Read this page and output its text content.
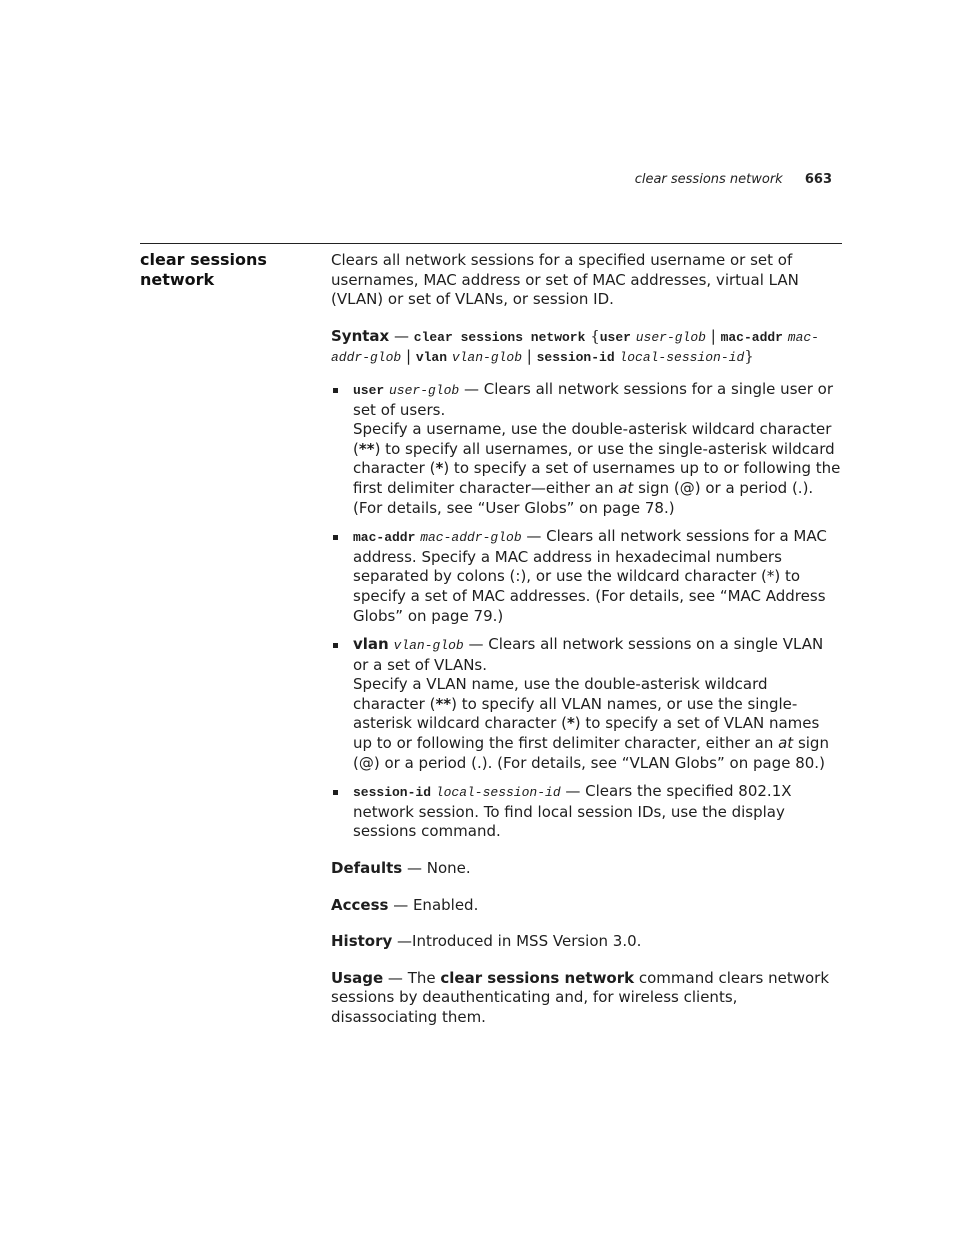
clear sessions network 663
clear sessions
network

Clears all network sessions for a specified username or set of usernames, MAC address or set of MAC addresses, virtual LAN (VLAN) or set of VLANs, or session ID.

Syntax — clear sessions network {user user-glob | mac-addr mac-addr-glob | vlan vlan-glob | session-id local-session-id}

user user-glob — Clears all network sessions for a single user or set of users.

Specify a username, use the double-asterisk wildcard character (**) to specify all usernames, or use the single-asterisk wildcard character (*) to specify a set of usernames up to or following the first delimiter character—either an at sign (@) or a period (.). (For details, see “User Globs” on page 78.)

mac-addr mac-addr-glob — Clears all network sessions for a MAC address. Specify a MAC address in hexadecimal numbers separated by colons (:), or use the wildcard character (*) to specify a set of MAC addresses. (For details, see “MAC Address Globs” on page 79.)
vlan vlan-glob — Clears all network sessions on a single VLAN or a set of VLANs.

Specify a VLAN name, use the double-asterisk wildcard character (**) to specify all VLAN names, or use the single-asterisk wildcard character (*) to specify a set of VLAN names up to or following the first delimiter character, either an at sign (@) or a period (.). (For details, see “VLAN Globs” on page 80.)

session-id local-session-id — Clears the specified 802.1X network session. To find local session IDs, use the display sessions command.

Defaults — None.

Access — Enabled.

History —Introduced in MSS Version 3.0.

Usage — The clear sessions network command clears network sessions by deauthenticating and, for wireless clients, disassociating them.
